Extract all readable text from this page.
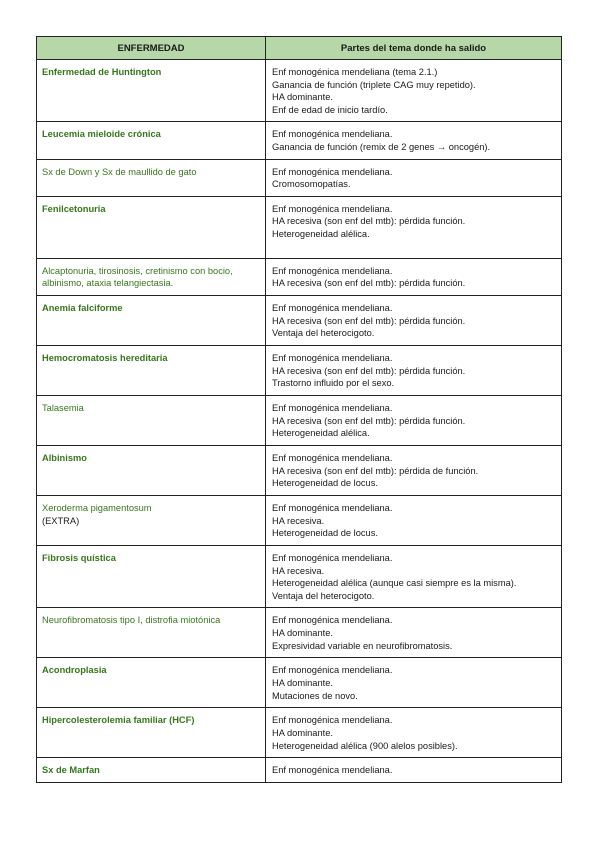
ENFERMEDAD	Partes del tema donde ha salido
Enfermedad de Huntington	Enf monogénica mendeliana (tema 2.1.)
Ganancia de función (triplete CAG muy repetido).
HA dominante.
Enf de edad de inicio tardío.

Leucemia mieloide crónica	Enf monogénica mendeliana.
Ganancia de función (remix de 2 genes → oncogén).

Sx de Down y Sx de maullido de gato	Enf monogénica mendeliana.
Cromosomopatías.

Fenilcetonuria	Enf monogénica mendeliana.
HA recesiva (son enf del mtb): pérdida función.
Heterogeneidad alélica.

Alcaptonuria, tirosinosis, cretinismo con bocio, albinismo, ataxia telangiectasia.	Enf monogénica mendeliana.
HA recesiva (son enf del mtb): pérdida función.

Anemia falciforme	Enf monogénica mendeliana.
HA recesiva (son enf del mtb): pérdida función.
Ventaja del heterocigoto.

Hemocromatosis hereditaria	Enf monogénica mendeliana.
HA recesiva (son enf del mtb): pérdida función.
Trastorno influido por el sexo.

Talasemia	Enf monogénica mendeliana.
HA recesiva (son enf del mtb): pérdida función.
Heterogeneidad alélica.

Albinismo	Enf monogénica mendeliana.
HA recesiva (son enf del mtb): pérdida de función.
Heterogeneidad de locus.

Xeroderma pigamentosum
(EXTRA)	Enf monogénica mendeliana.
HA recesiva.
Heterogeneidad de locus.

Fibrosis quística	Enf monogénica mendeliana.
HA recesiva.
Heterogeneidad alélica (aunque casi siempre es la misma).
Ventaja del heterocigoto.

Neurofibromatosis tipo I, distrofia miotónica	Enf monogénica mendeliana.
HA dominante.
Expresividad variable en neurofibromatosis.

Acondroplasia	Enf monogénica mendeliana.
HA dominante.
Mutaciones de novo.

Hipercolesterolemia familiar (HCF)	Enf monogénica mendeliana.
HA dominante.
Heterogeneidad alélica (900 alelos posibles).

Sx de Marfan	Enf monogénica mendeliana.
